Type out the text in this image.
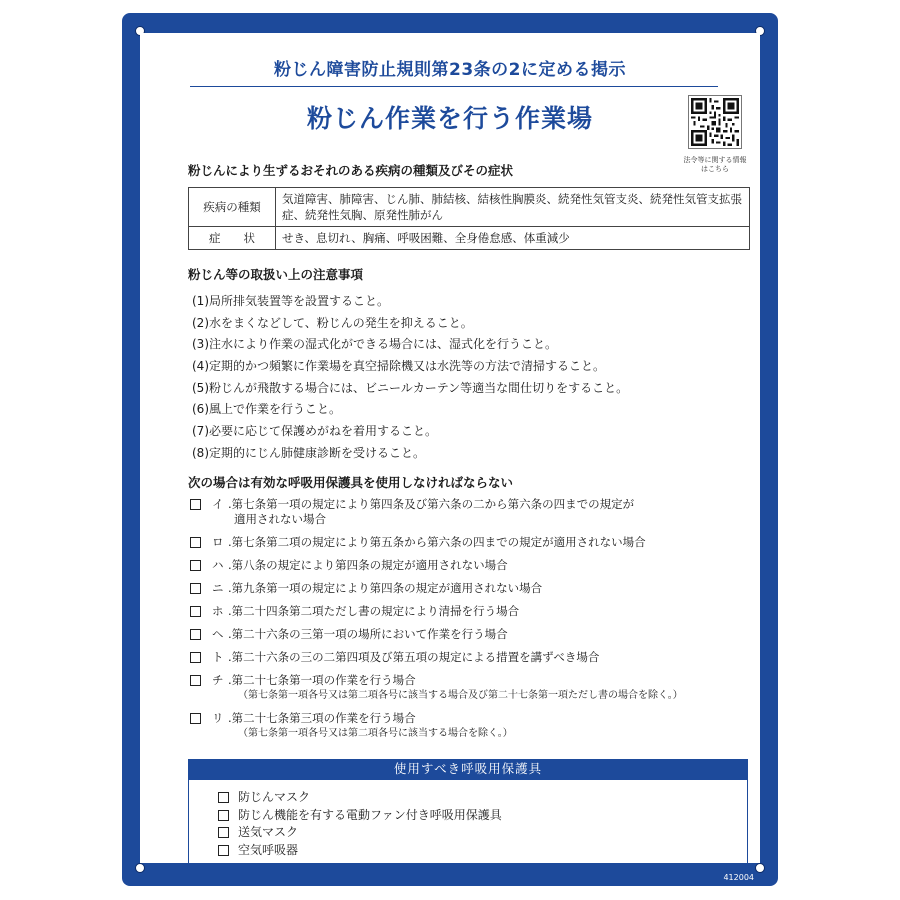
412004
粉じん障害防止規則第23条の2に定める掲示
粉じん作業を行う作業場
法令等に関する情報はこちら
粉じんにより生ずるおそれのある疾病の種類及びその症状
疾病の種類	気道障害、肺障害、じん肺、肺結核、結核性胸膜炎、続発性気管支炎、続発性気管支拡張症、続発性気胸、原発性肺がん
症　　状	せき、息切れ、胸痛、呼吸困難、全身倦怠感、体重減少
粉じん等の取扱い上の注意事項
(1)局所排気装置等を設置すること。
(2)水をまくなどして、粉じんの発生を抑えること。
(3)注水により作業の湿式化ができる場合には、湿式化を行うこと。
(4)定期的かつ頻繁に作業場を真空掃除機又は水洗等の方法で清掃すること。
(5)粉じんが飛散する場合には、ビニールカーテン等適当な間仕切りをすること。
(6)風上で作業を行うこと。
(7)必要に応じて保護めがねを着用すること。
(8)定期的にじん肺健康診断を受けること。
次の場合は有効な呼吸用保護具を使用しなければならない
イ .第七条第一項の規定により第四条及び第六条の二から第六条の四までの規定が
適用されない場合
ロ .第七条第二項の規定により第五条から第六条の四までの規定が適用されない場合
ハ .第八条の規定により第四条の規定が適用されない場合
ニ .第九条第一項の規定により第四条の規定が適用されない場合
ホ .第二十四条第二項ただし書の規定により清掃を行う場合
ヘ .第二十六条の三第一項の場所において作業を行う場合
ト .第二十六条の三の二第四項及び第五項の規定による措置を講ずべき場合
チ .第二十七条第一項の作業を行う場合
（第七条第一項各号又は第二項各号に該当する場合及び第二十七条第一項ただし書の場合を除く。）
リ .第二十七条第三項の作業を行う場合
（第七条第一項各号又は第二項各号に該当する場合を除く。）
使用すべき呼吸用保護具
防じんマスク
防じん機能を有する電動ファン付き呼吸用保護具
送気マスク
空気呼吸器
